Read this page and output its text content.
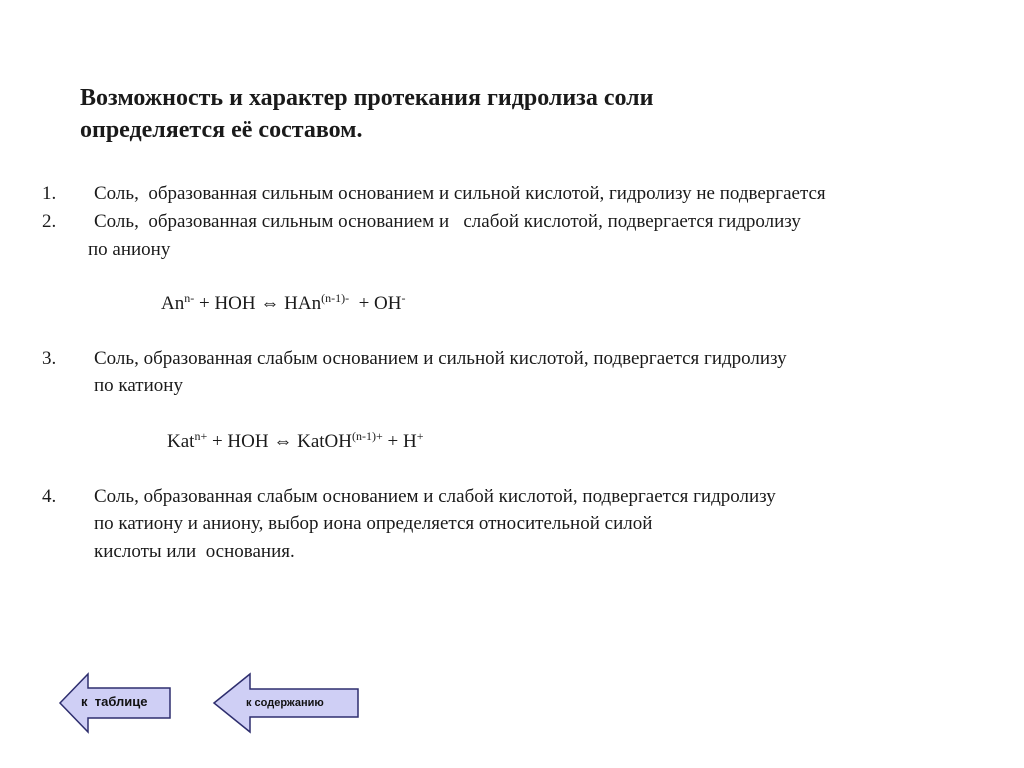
Возможность и характер протекания гидролиза соли
определяется её составом.
1. Соль,  образованная сильным основанием и сильной кислотой, гидролизу не подвергается
2. Соль,  образованная сильным основанием и   слабой кислотой, подвергается гидролизу
по аниону
$An^{n-}$ + HOH ⇔ HAn$^{(n-1)-}$  + OH-
3. Соль, образованная слабым основанием и сильной кислотой, подвергается гидролизу
по катиону
Kat$^{n+}$ + HOH ⇔ KatOH$^{(n-1)+}$ + H+
4. Соль, образованная слабым основанием и слабой кислотой, подвергается гидролизу
по катиону и аниону, выбор иона определяется относительной силой
кислоты или  основания.
к  таблице	к содержанию
